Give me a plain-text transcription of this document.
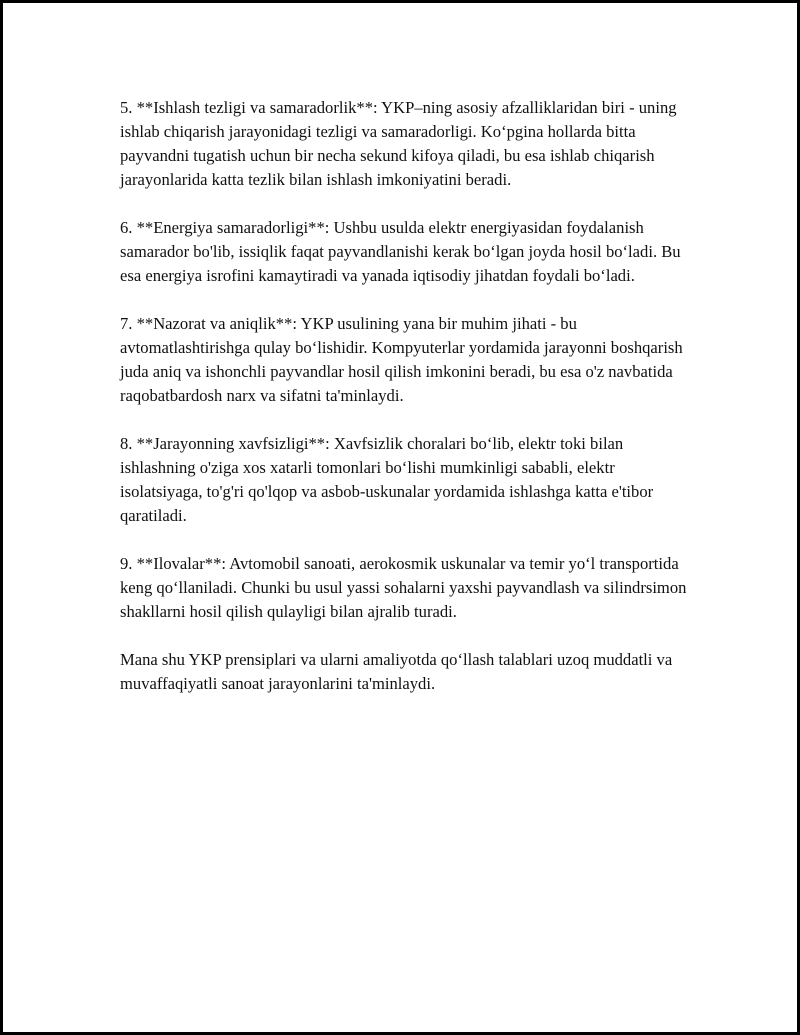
5. **Ishlash tezligi va samaradorlik**: YKP–ning asosiy afzalliklaridan biri - uning ishlab chiqarish jarayonidagi tezligi va samaradorligi. Ko‘pgina hollarda bitta payvandni tugatish uchun bir necha sekund kifoya qiladi, bu esa ishlab chiqarish jarayonlarida katta tezlik bilan ishlash imkoniyatini beradi.

6. **Energiya samaradorligi**: Ushbu usulda elektr energiyasidan foydalanish samarador bo'lib, issiqlik faqat payvandlanishi kerak bo‘lgan joyda hosil bo‘ladi. Bu esa energiya isrofini kamaytiradi va yanada iqtisodiy jihatdan foydali bo‘ladi.

7. **Nazorat va aniqlik**: YKP usulining yana bir muhim jihati - bu avtomatlashtirishga qulay bo‘lishidir. Kompyuterlar yordamida jarayonni boshqarish juda aniq va ishonchli payvandlar hosil qilish imkonini beradi, bu esa o'z navbatida raqobatbardosh narx va sifatni ta'minlaydi.

8. **Jarayonning xavfsizligi**: Xavfsizlik choralari bo‘lib, elektr toki bilan ishlashning o'ziga xos xatarli tomonlari bo‘lishi mumkinligi sababli, elektr isolatsiyaga, to'g'ri qo'lqop va asbob-uskunalar yordamida ishlashga katta e'tibor qaratiladi.

9. **Ilovalar**: Avtomobil sanoati, aerokosmik uskunalar va temir yo‘l transportida keng qo‘llaniladi. Chunki bu usul yassi sohalarni yaxshi payvandlash va silindrsimon shakllarni hosil qilish qulayligi bilan ajralib turadi.

Mana shu YKP prensiplari va ularni amaliyotda qo‘llash talablari uzoq muddatli va muvaffaqiyatli sanoat jarayonlarini ta'minlaydi.
